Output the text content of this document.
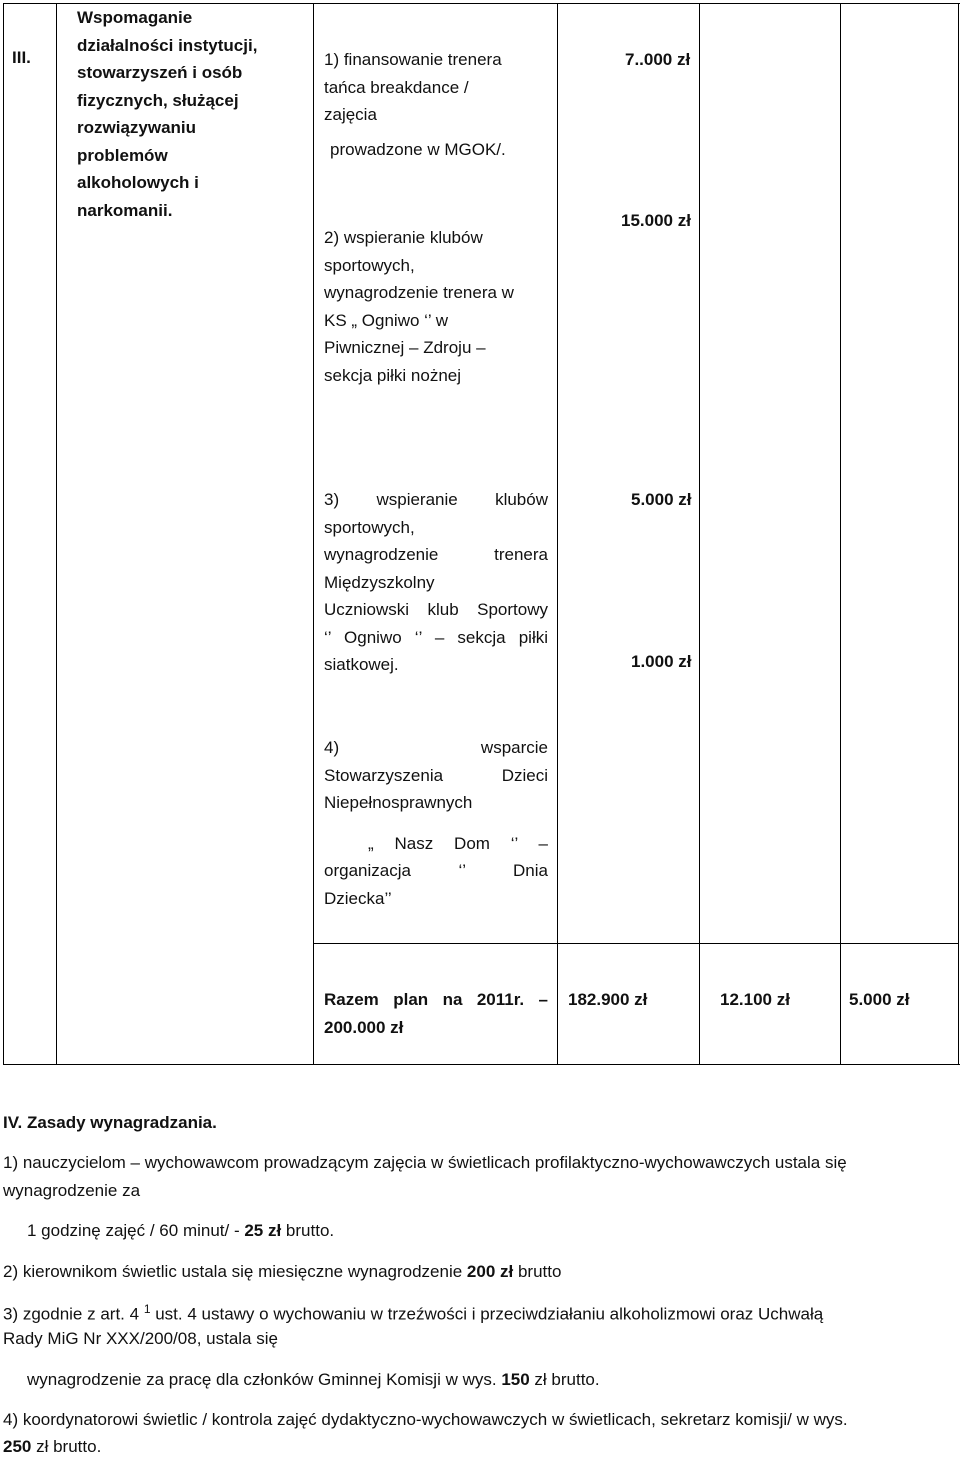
III.
Wspomaganie
działalności instytucji,
stowarzyszeń i osób
fizycznych, służącej
rozwiązywaniu
problemów
alkoholowych i
narkomanii.
1) finansowanie trenera
tańca breakdance /
zajęcia
prowadzone w MGOK/.
2) wspieranie klubów
sportowych,
wynagrodzenie trenera w
KS „ Ogniwo ‘’ w
Piwnicznej – Zdroju –
sekcja piłki nożnej
3) wspieranie klubów
sportowych,
wynagrodzenie trenera
Międzyszkolny
Uczniowski klub Sportowy
‘’ Ogniwo ‘’ – sekcja piłki
siatkowej.
4) wsparcie
Stowarzyszenia Dzieci
Niepełnosprawnych
„ Nasz Dom ‘’ –
organizacja ‘’ Dnia
Dziecka’’
7..000 zł
15.000 zł
5.000 zł
1.000 zł
Razem plan na 2011r. –
200.000 zł
182.900 zł	12.100 zł	5.000 zł
IV. Zasady wynagradzania.
1) nauczycielom – wychowawcom prowadzącym zajęcia w świetlicach profilaktyczno-wychowawczych ustala się
wynagrodzenie za
1 godzinę zajęć / 60 minut/ - 25 zł brutto.
2) kierownikom świetlic ustala się miesięczne wynagrodzenie 200 zł brutto
3) zgodnie z art. 4 $^1$ ust. 4 ustawy o wychowaniu w trzeźwości i przeciwdziałaniu alkoholizmowi oraz Uchwałą
Rady MiG Nr XXX/200/08, ustala się
wynagrodzenie za pracę dla członków Gminnej Komisji w wys. 150 zł brutto.
4) koordynatorowi świetlic / kontrola zajęć dydaktyczno-wychowawczych w świetlicach, sekretarz komisji/ w wys.
250 zł brutto.
